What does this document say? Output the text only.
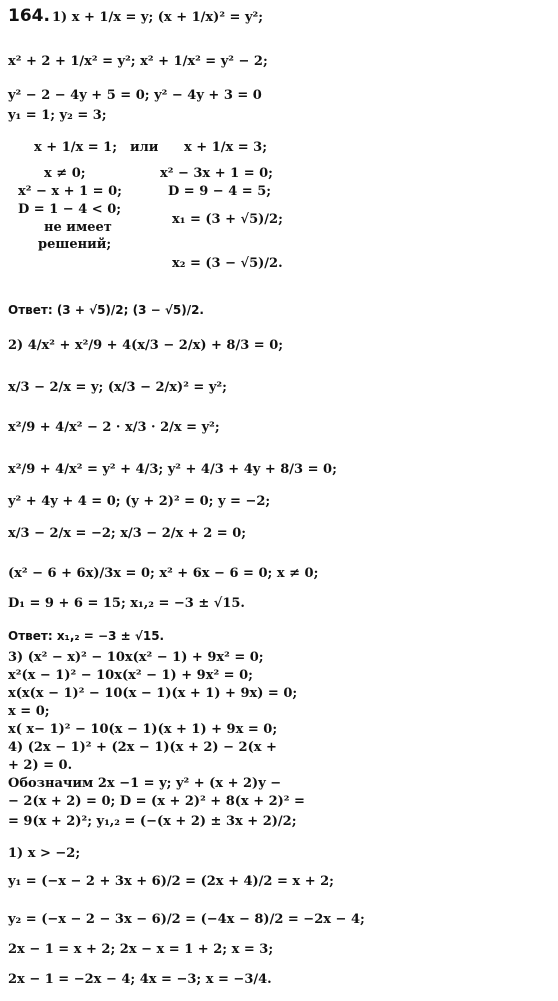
164. 1) x + 1/x = y; (x + 1/x)² = y²;
x² + 2 + 1/x² = y²; x² + 1/x² = y² − 2;
y² − 2 − 4y + 5 = 0; y² − 4y + 3 = 0
y₁ = 1; y₂ = 3;
x + 1/x = 1; или x + 1/x = 3;
x ≠ 0;	x² − 3x + 1 = 0;
x² − x + 1 = 0;	D = 9 − 4 = 5;
D = 1 − 4 < 0;
не имеет
x₁ = (3 + √5)/2;
решений;
x₂ = (3 − √5)/2.
Ответ: (3 + √5)/2; (3 − √5)/2.
2) 4/x² + x²/9 + 4(x/3 − 2/x) + 8/3 = 0;
x/3 − 2/x = y; (x/3 − 2/x)² = y²;
x²/9 + 4/x² − 2 · x/3 · 2/x = y²;
x²/9 + 4/x² = y² + 4/3; y² + 4/3 + 4y + 8/3 = 0;
y² + 4y + 4 = 0; (y + 2)² = 0; y = −2;
x/3 − 2/x = −2; x/3 − 2/x + 2 = 0;
(x² − 6 + 6x)/3x = 0; x² + 6x − 6 = 0; x ≠ 0;
D₁ = 9 + 6 = 15; x₁,₂ = −3 ± √15.
Ответ: x₁,₂ = −3 ± √15.
3) (x² − x)² − 10x(x² − 1) + 9x² = 0;
x²(x − 1)² − 10x(x² − 1) + 9x² = 0;
x(x(x − 1)² − 10(x − 1)(x + 1) + 9x) = 0;
x = 0;
x( x− 1)² − 10(x − 1)(x + 1) + 9x = 0;
4) (2x − 1)² + (2x − 1)(x + 2) − 2(x +
+ 2) = 0.
Обозначим 2x −1 = y; y² + (x + 2)y −
− 2(x + 2) = 0; D = (x + 2)² + 8(x + 2)² =
= 9(x + 2)²; y₁,₂ = (−(x + 2) ± 3x + 2)/2;
1) x > −2;
y₁ = (−x − 2 + 3x + 6)/2 = (2x + 4)/2 = x + 2;
y₂ = (−x − 2 − 3x − 6)/2 = (−4x − 8)/2 = −2x − 4;
2x − 1 = x + 2; 2x − x = 1 + 2; x = 3;
2x − 1 = −2x − 4; 4x = −3; x = −3/4.
